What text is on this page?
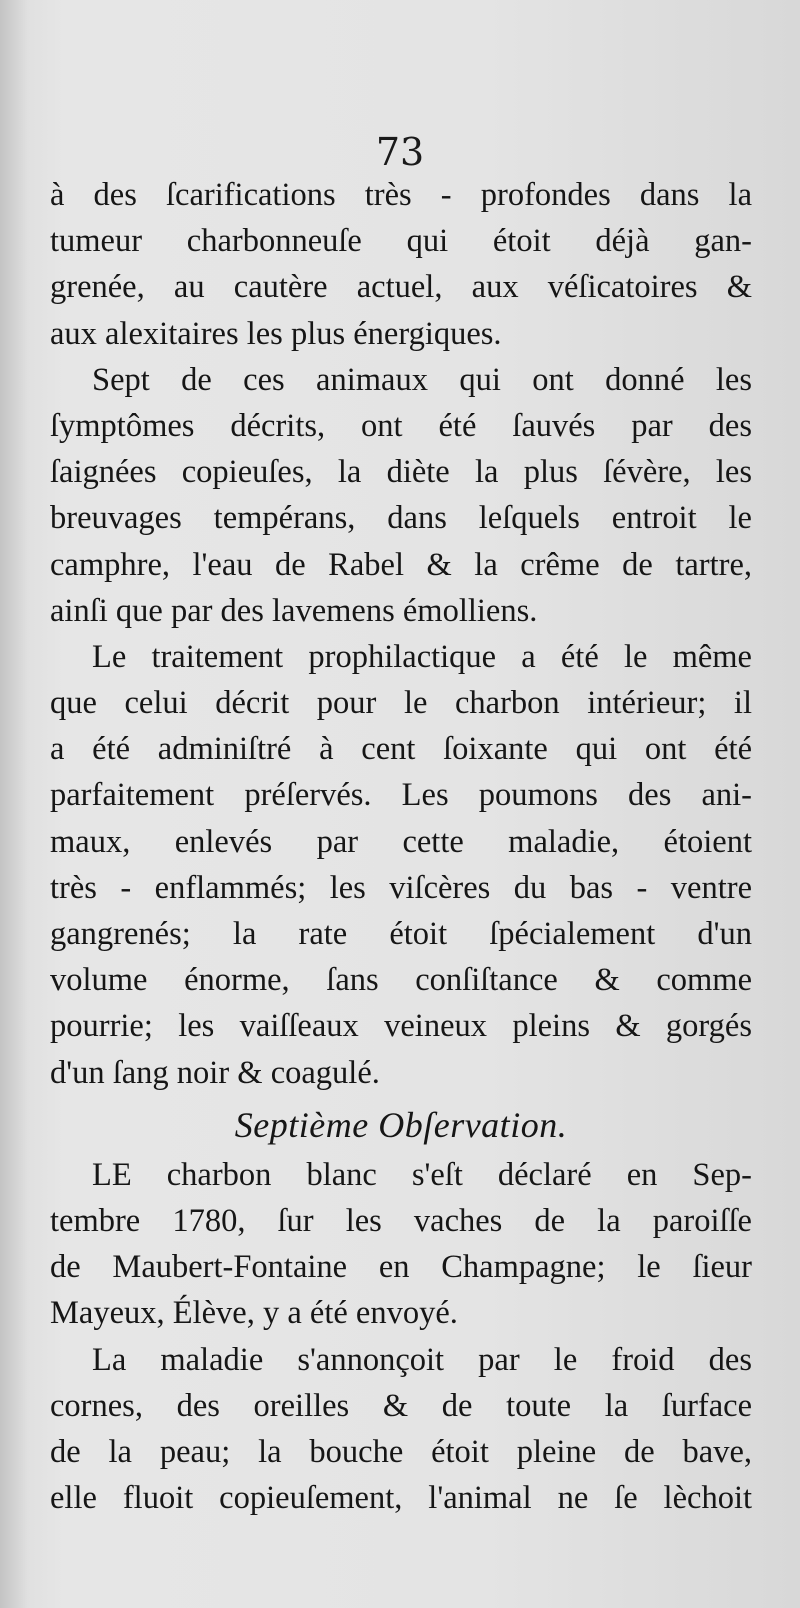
73
à des ſcarifications très - profondes dans la
tumeur charbonneuſe qui étoit déjà gan-
grenée, au cautère actuel, aux véſicatoires &
aux alexitaires les plus énergiques.
Sept de ces animaux qui ont donné les
ſymptômes décrits, ont été ſauvés par des
ſaignées copieuſes, la diète la plus ſévère, les
breuvages tempérans, dans leſquels entroit le
camphre, l'eau de Rabel & la crême de tartre,
ainſi que par des lavemens émolliens.
Le traitement prophilactique a été le même
que celui décrit pour le charbon intérieur; il
a été adminiſtré à cent ſoixante qui ont été
parfaitement préſervés. Les poumons des ani-
maux, enlevés par cette maladie, étoient
très - enflammés; les viſcères du bas - ventre
gangrenés; la rate étoit ſpécialement d'un
volume énorme, ſans conſiſtance & comme
pourrie; les vaiſſeaux veineux pleins & gorgés
d'un ſang noir & coagulé.
Septième Obſervation.
LE charbon blanc s'eſt déclaré en Sep-
tembre 1780, ſur les vaches de la paroiſſe
de Maubert-Fontaine en Champagne; le ſieur
Mayeux, Élève, y a été envoyé.
La maladie s'annonçoit par le froid des
cornes, des oreilles & de toute la ſurface
de la peau; la bouche étoit pleine de bave,
elle fluoit copieuſement, l'animal ne ſe lèchoit
